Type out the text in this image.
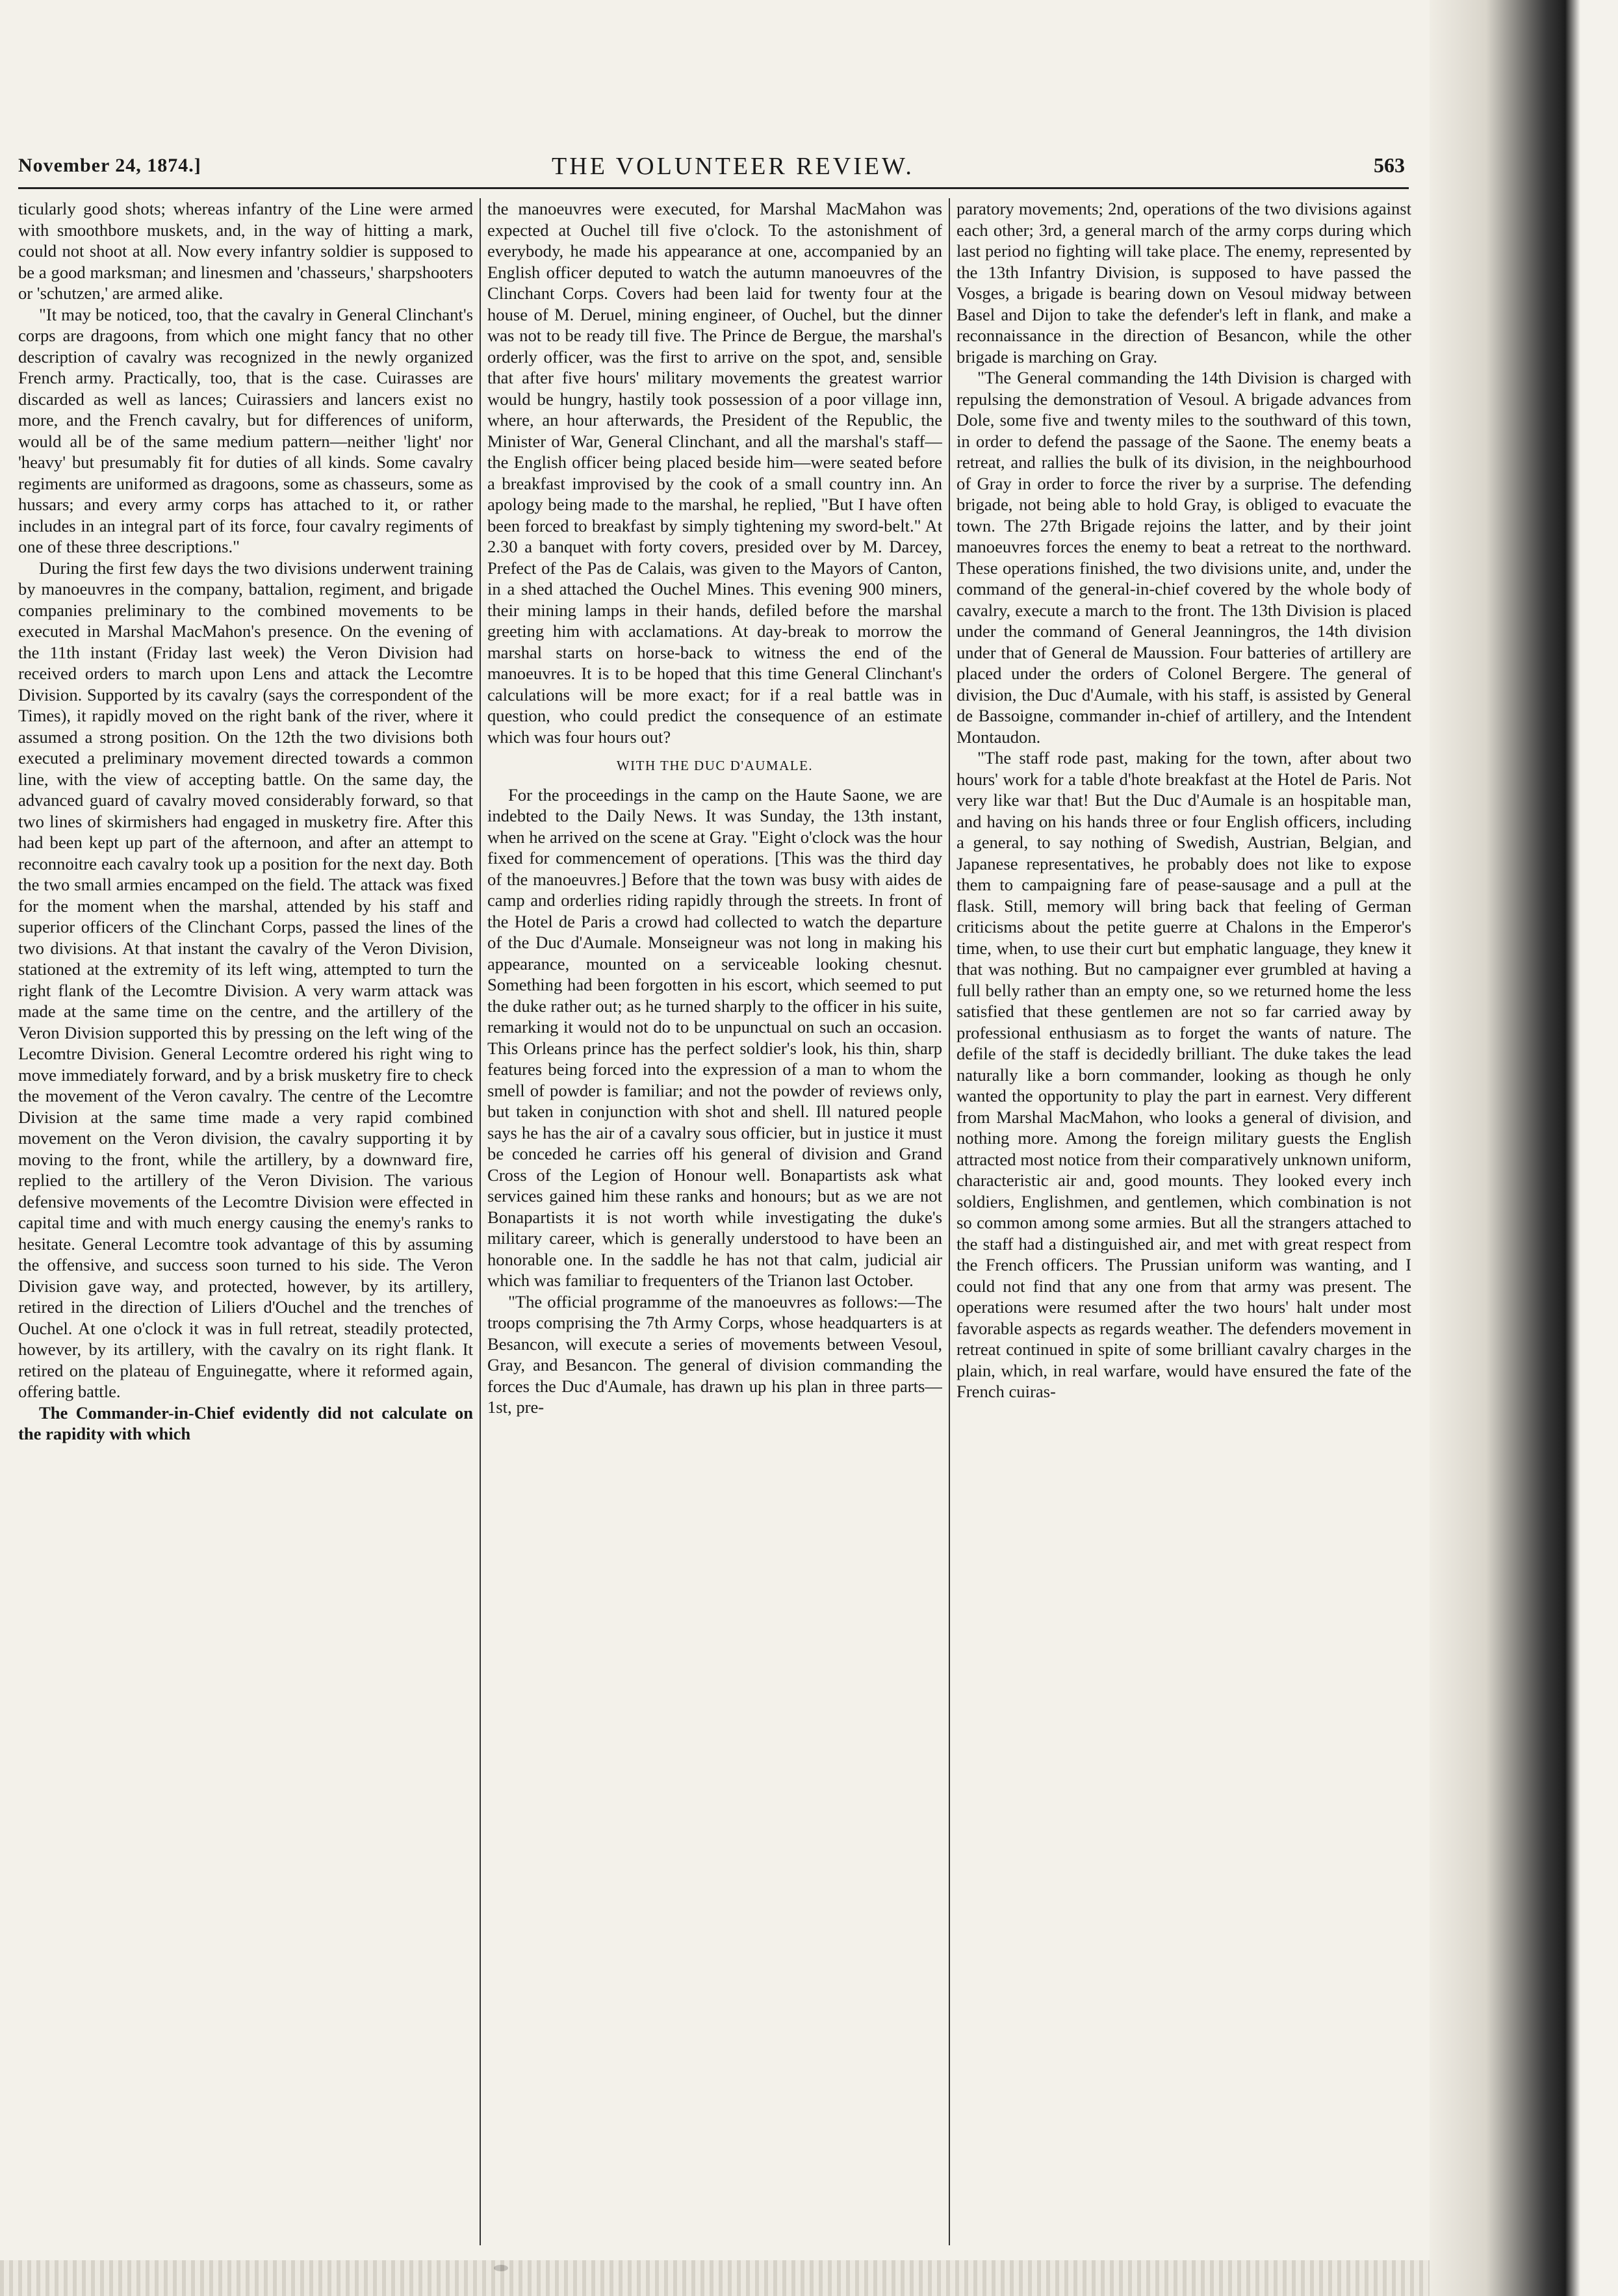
November 24, 1874.]	THE VOLUNTEER REVIEW.	563

ticularly good shots; whereas infantry of the Line were armed with smoothbore muskets, and, in the way of hitting a mark, could not shoot at all. Now every infantry soldier is supposed to be a good marksman; and linesmen and 'chasseurs,' sharpshooters or 'schutzen,' are armed alike.

"It may be noticed, too, that the cavalry in General Clinchant's corps are dragoons, from which one might fancy that no other description of cavalry was recognized in the newly organized French army. Practically, too, that is the case. Cuirasses are discarded as well as lances; Cuirassiers and lancers exist no more, and the French cavalry, but for differences of uniform, would all be of the same medium pattern—neither 'light' nor 'heavy' but presumably fit for duties of all kinds. Some cavalry regiments are uniformed as dragoons, some as chasseurs, some as hussars; and every army corps has attached to it, or rather includes in an integral part of its force, four cavalry regiments of one of these three descriptions."

During the first few days the two divisions underwent training by manoeuvres in the company, battalion, regiment, and brigade companies preliminary to the combined movements to be executed in Marshal MacMahon's presence. On the evening of the 11th instant (Friday last week) the Veron Division had received orders to march upon Lens and attack the Lecomtre Division. Supported by its cavalry (says the correspondent of the Times), it rapidly moved on the right bank of the river, where it assumed a strong position. On the 12th the two divisions both executed a preliminary movement directed towards a common line, with the view of accepting battle. On the same day, the advanced guard of cavalry moved considerably forward, so that two lines of skirmishers had engaged in musketry fire. After this had been kept up part of the afternoon, and after an attempt to reconnoitre each cavalry took up a position for the next day. Both the two small armies encamped on the field. The attack was fixed for the moment when the marshal, attended by his staff and superior officers of the Clinchant Corps, passed the lines of the two divisions. At that instant the cavalry of the Veron Division, stationed at the extremity of its left wing, attempted to turn the right flank of the Lecomtre Division. A very warm attack was made at the same time on the centre, and the artillery of the Veron Division supported this by pressing on the left wing of the Lecomtre Division. General Lecomtre ordered his right wing to move immediately forward, and by a brisk musketry fire to check the movement of the Veron cavalry. The centre of the Lecomtre Division at the same time made a very rapid combined movement on the Veron division, the cavalry supporting it by moving to the front, while the artillery, by a downward fire, replied to the artillery of the Veron Division. The various defensive movements of the Lecomtre Division were effected in capital time and with much energy causing the enemy's ranks to hesitate. General Lecomtre took advantage of this by assuming the offensive, and success soon turned to his side. The Veron Division gave way, and protected, however, by its artillery, retired in the direction of Liliers d'Ouchel and the trenches of Ouchel. At one o'clock it was in full retreat, steadily protected, however, by its artillery, with the cavalry on its right flank. It retired on the plateau of Enguinegatte, where it reformed again, offering battle.

The Commander-in-Chief evidently did not calculate on the rapidity with which

the manoeuvres were executed, for Marshal MacMahon was expected at Ouchel till five o'clock. To the astonishment of everybody, he made his appearance at one, accompanied by an English officer deputed to watch the autumn manoeuvres of the Clinchant Corps. Covers had been laid for twenty four at the house of M. Deruel, mining engineer, of Ouchel, but the dinner was not to be ready till five. The Prince de Bergue, the marshal's orderly officer, was the first to arrive on the spot, and, sensible that after five hours' military movements the greatest warrior would be hungry, hastily took possession of a poor village inn, where, an hour afterwards, the President of the Republic, the Minister of War, General Clinchant, and all the marshal's staff—the English officer being placed beside him—were seated before a breakfast improvised by the cook of a small country inn. An apology being made to the marshal, he replied, "But I have often been forced to breakfast by simply tightening my sword-belt." At 2.30 a banquet with forty covers, presided over by M. Darcey, Prefect of the Pas de Calais, was given to the Mayors of Canton, in a shed attached the Ouchel Mines. This evening 900 miners, their mining lamps in their hands, defiled before the marshal greeting him with acclamations. At day-break to morrow the marshal starts on horse-back to witness the end of the manoeuvres. It is to be hoped that this time General Clinchant's calculations will be more exact; for if a real battle was in question, who could predict the consequence of an estimate which was four hours out?

WITH THE DUC D'AUMALE.

For the proceedings in the camp on the Haute Saone, we are indebted to the Daily News. It was Sunday, the 13th instant, when he arrived on the scene at Gray. "Eight o'clock was the hour fixed for commencement of operations. [This was the third day of the manoeuvres.] Before that the town was busy with aides de camp and orderlies riding rapidly through the streets. In front of the Hotel de Paris a crowd had collected to watch the departure of the Duc d'Aumale. Monseigneur was not long in making his appearance, mounted on a serviceable looking chesnut. Something had been forgotten in his escort, which seemed to put the duke rather out; as he turned sharply to the officer in his suite, remarking it would not do to be unpunctual on such an occasion. This Orleans prince has the perfect soldier's look, his thin, sharp features being forced into the expression of a man to whom the smell of powder is familiar; and not the powder of reviews only, but taken in conjunction with shot and shell. Ill natured people says he has the air of a cavalry sous officier, but in justice it must be conceded he carries off his general of division and Grand Cross of the Legion of Honour well. Bonapartists ask what services gained him these ranks and honours; but as we are not Bonapartists it is not worth while investigating the duke's military career, which is generally understood to have been an honorable one. In the saddle he has not that calm, judicial air which was familiar to frequenters of the Trianon last October.

"The official programme of the manoeuvres as follows:—The troops comprising the 7th Army Corps, whose headquarters is at Besancon, will execute a series of movements between Vesoul, Gray, and Besancon. The general of division commanding the forces the Duc d'Aumale, has drawn up his plan in three parts—1st, pre-

paratory movements; 2nd, operations of the two divisions against each other; 3rd, a general march of the army corps during which last period no fighting will take place. The enemy, represented by the 13th Infantry Division, is supposed to have passed the Vosges, a brigade is bearing down on Vesoul midway between Basel and Dijon to take the defender's left in flank, and make a reconnaissance in the direction of Besancon, while the other brigade is marching on Gray.

"The General commanding the 14th Division is charged with repulsing the demonstration of Vesoul. A brigade advances from Dole, some five and twenty miles to the southward of this town, in order to defend the passage of the Saone. The enemy beats a retreat, and rallies the bulk of its division, in the neighbourhood of Gray in order to force the river by a surprise. The defending brigade, not being able to hold Gray, is obliged to evacuate the town. The 27th Brigade rejoins the latter, and by their joint manoeuvres forces the enemy to beat a retreat to the northward. These operations finished, the two divisions unite, and, under the command of the general-in-chief covered by the whole body of cavalry, execute a march to the front. The 13th Division is placed under the command of General Jeanningros, the 14th division under that of General de Maussion. Four batteries of artillery are placed under the orders of Colonel Bergere. The general of division, the Duc d'Aumale, with his staff, is assisted by General de Bassoigne, commander in-chief of artillery, and the Intendent Montaudon.

"The staff rode past, making for the town, after about two hours' work for a table d'hote breakfast at the Hotel de Paris. Not very like war that! But the Duc d'Aumale is an hospitable man, and having on his hands three or four English officers, including a general, to say nothing of Swedish, Austrian, Belgian, and Japanese representatives, he probably does not like to expose them to campaigning fare of pease-sausage and a pull at the flask. Still, memory will bring back that feeling of German criticisms about the petite guerre at Chalons in the Emperor's time, when, to use their curt but emphatic language, they knew it that was nothing. But no campaigner ever grumbled at having a full belly rather than an empty one, so we returned home the less satisfied that these gentlemen are not so far carried away by professional enthusiasm as to forget the wants of nature. The defile of the staff is decidedly brilliant. The duke takes the lead naturally like a born commander, looking as though he only wanted the opportunity to play the part in earnest. Very different from Marshal MacMahon, who looks a general of division, and nothing more. Among the foreign military guests the English attracted most notice from their comparatively unknown uniform, characteristic air and, good mounts. They looked every inch soldiers, Englishmen, and gentlemen, which combination is not so common among some armies. But all the strangers attached to the staff had a distinguished air, and met with great respect from the French officers. The Prussian uniform was wanting, and I could not find that any one from that army was present. The operations were resumed after the two hours' halt under most favorable aspects as regards weather. The defenders movement in retreat continued in spite of some brilliant cavalry charges in the plain, which, in real warfare, would have ensured the fate of the French cuiras-
